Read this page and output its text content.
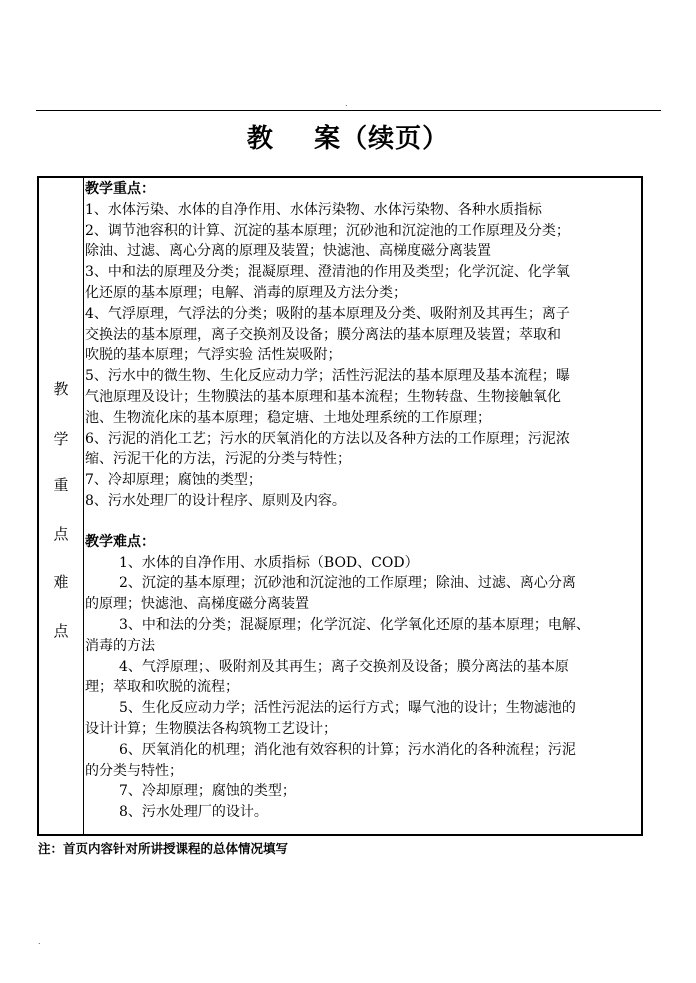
.
教    案（续页）
教
学
重
点
难
点
教学重点：
1、水体污染、水体的自净作用、水体污染物、水体污染物、各种水质指标
2、调节池容积的计算、沉淀的基本原理；沉砂池和沉淀池的工作原理及分类；
除油、过滤、离心分离的原理及装置；快滤池、高梯度磁分离装置
3、中和法的原理及分类；混凝原理、澄清池的作用及类型；化学沉淀、化学氧
化还原的基本原理；电解、消毒的原理及方法分类；
4、气浮原理，气浮法的分类；吸附的基本原理及分类、吸附剂及其再生；离子
交换法的基本原理，离子交换剂及设备；膜分离法的基本原理及装置；萃取和
吹脱的基本原理；气浮实验 活性炭吸附；
5、污水中的微生物、生化反应动力学；活性污泥法的基本原理及基本流程；曝
气池原理及设计；生物膜法的基本原理和基本流程；生物转盘、生物接触氧化
池、生物流化床的基本原理；稳定塘、土地处理系统的工作原理；
6、污泥的消化工艺；污水的厌氧消化的方法以及各种方法的工作原理；污泥浓
缩、污泥干化的方法，污泥的分类与特性；
7、冷却原理；腐蚀的类型；
8、污水处理厂的设计程序、原则及内容。
教学难点：
1、水体的自净作用、水质指标（BOD、COD）
2、沉淀的基本原理；沉砂池和沉淀池的工作原理；除油、过滤、离心分离
的原理；快滤池、高梯度磁分离装置
3、中和法的分类；混凝原理；化学沉淀、化学氧化还原的基本原理；电解、
消毒的方法
4、气浮原理；、吸附剂及其再生；离子交换剂及设备；膜分离法的基本原
理；萃取和吹脱的流程；
5、生化反应动力学；活性污泥法的运行方式；曝气池的设计；生物滤池的
设计计算；生物膜法各构筑物工艺设计；
6、厌氧消化的机理；消化池有效容积的计算；污水消化的各种流程；污泥
的分类与特性；
7、冷却原理；腐蚀的类型；
8、污水处理厂的设计。
注：首页内容针对所讲授课程的总体情况填写
.
